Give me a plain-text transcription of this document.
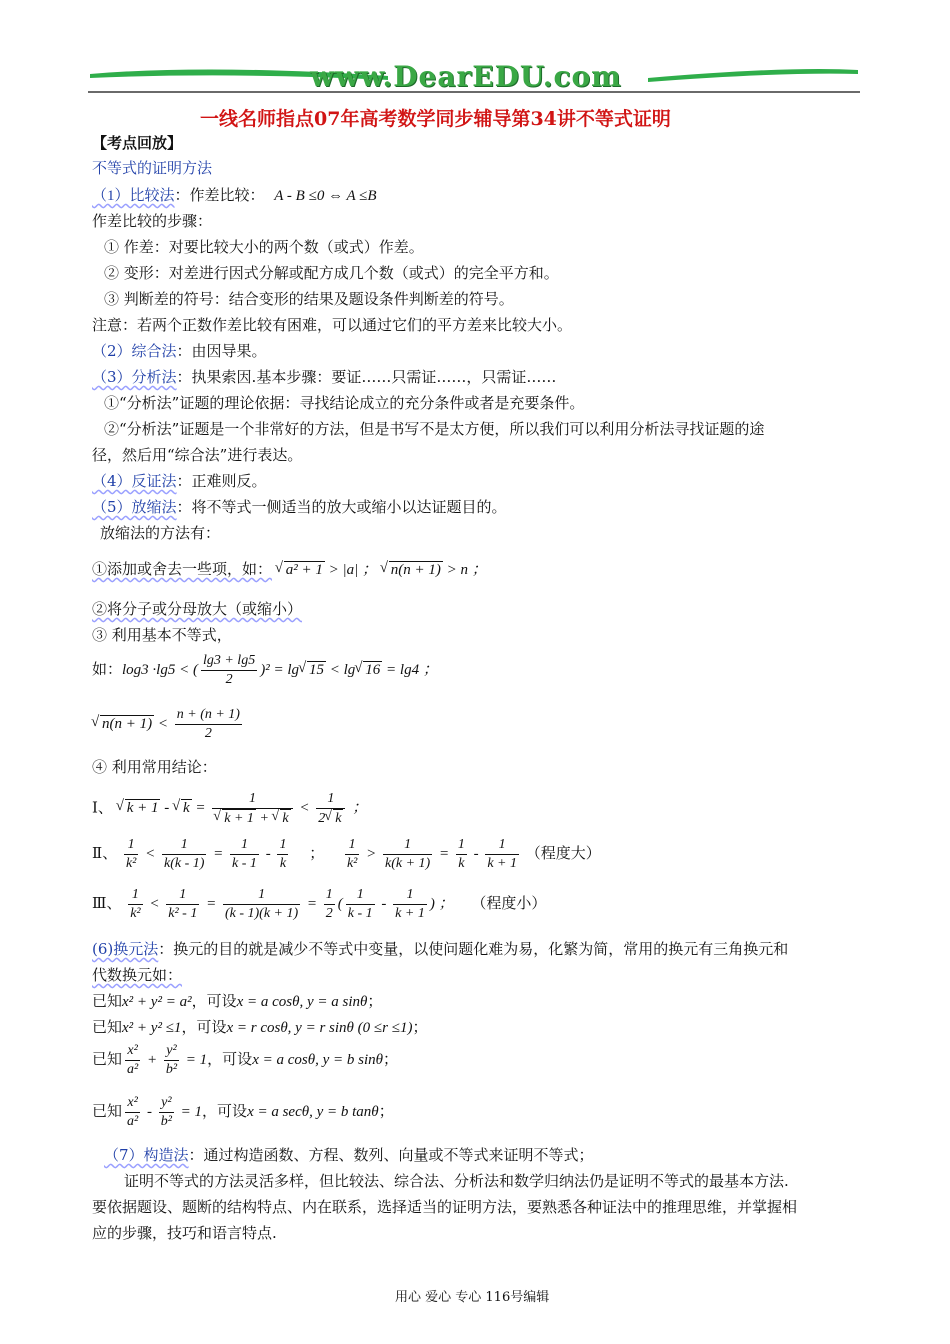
www.DearEDU.com
一线名师指点07年高考数学同步辅导第34讲不等式证明
【考点回放】
不等式的证明方法
（1）比较法：作差比较： A - B ≤0 ⇔ A ≤B
作差比较的步骤：
① 作差：对要比较大小的两个数（或式）作差。
② 变形：对差进行因式分解或配方成几个数（或式）的完全平方和。
③ 判断差的符号：结合变形的结果及题设条件判断差的符号。
注意：若两个正数作差比较有困难，可以通过它们的平方差来比较大小。
（2）综合法：由因导果。
（3）分析法：执果索因.基本步骤：要证……只需证……，只需证……
①“分析法”证题的理论依据：寻找结论成立的充分条件或者是充要条件。
②“分析法”证题是一个非常好的方法，但是书写不是太方便，所以我们可以利用分析法寻找证题的途
径，然后用“综合法”进行表达。
（4）反证法：正难则反。
（5）放缩法：将不等式一侧适当的放大或缩小以达证题目的。
放缩法的方法有：
①添加或舍去一些项，如： √ a² + 1 > |a| ； √ n(n + 1) > n ；
②将分子或分母放大（或缩小）
③ 利用基本不等式，
如：log3 ·lg5 < ( $\frac{\lg 3 + \lg 5}{2} )^2 = \lg$ √ 15 < lg √ 16 = lg4 ；
√ $n(n + 1) < \frac{n + (n + 1)}{2}$
④ 利用常用结论：
Ⅰ、 √ k + 1 - √ k = 1
√ k + 1 + √ $k < \frac{1}{2 √ k}$ ；
Ⅱ、 $\frac{1}{\text{k²}} < \frac{1}{k(k - 1)} = \frac{1}{k - 1} - \frac{1}{k}$ ； $\frac{1}{\text{k²}} > \frac{1}{k(k + 1)} = \frac{1}{k} - \frac{1}{k + 1}$ （程度大）
Ⅲ、 $\frac{1}{\text{k²}} < \frac{1}{\text{k² - 1}} = \frac{1}{(k - 1)(k + 1)} = \frac{1}{2}$ ( $\frac{1}{k - 1} - \frac{1}{k + 1}$ ) ； （程度小）
(6)换元法：换元的目的就是减少不等式中变量，以使问题化难为易，化繁为简，常用的换元有三角换元和
代数换元如：
已知x² + y² = a²，可设x = a cosθ, y = a sinθ；
已知x² + y² ≤1，可设x = r cosθ, y = r sinθ (0 ≤r ≤1)；
已知 $\frac{\text{x²}}{\text{a²}} + \frac{\text{y²}}{\text{b²}} = 1$，可设x = a cosθ, y = b sinθ；
已知 $\frac{\text{x²}}{\text{a²}} - \frac{\text{y²}}{\text{b²}} = 1$，可设x = a secθ, y = b tanθ；
（7）构造法：通过构造函数、方程、数列、向量或不等式来证明不等式；
证明不等式的方法灵活多样，但比较法、综合法、分析法和数学归纳法仍是证明不等式的最基本方法.
要依据题设、题断的结构特点、内在联系，选择适当的证明方法，要熟悉各种证法中的推理思维，并掌握相
应的步骤，技巧和语言特点.
用心 爱心 专心 116号编辑
